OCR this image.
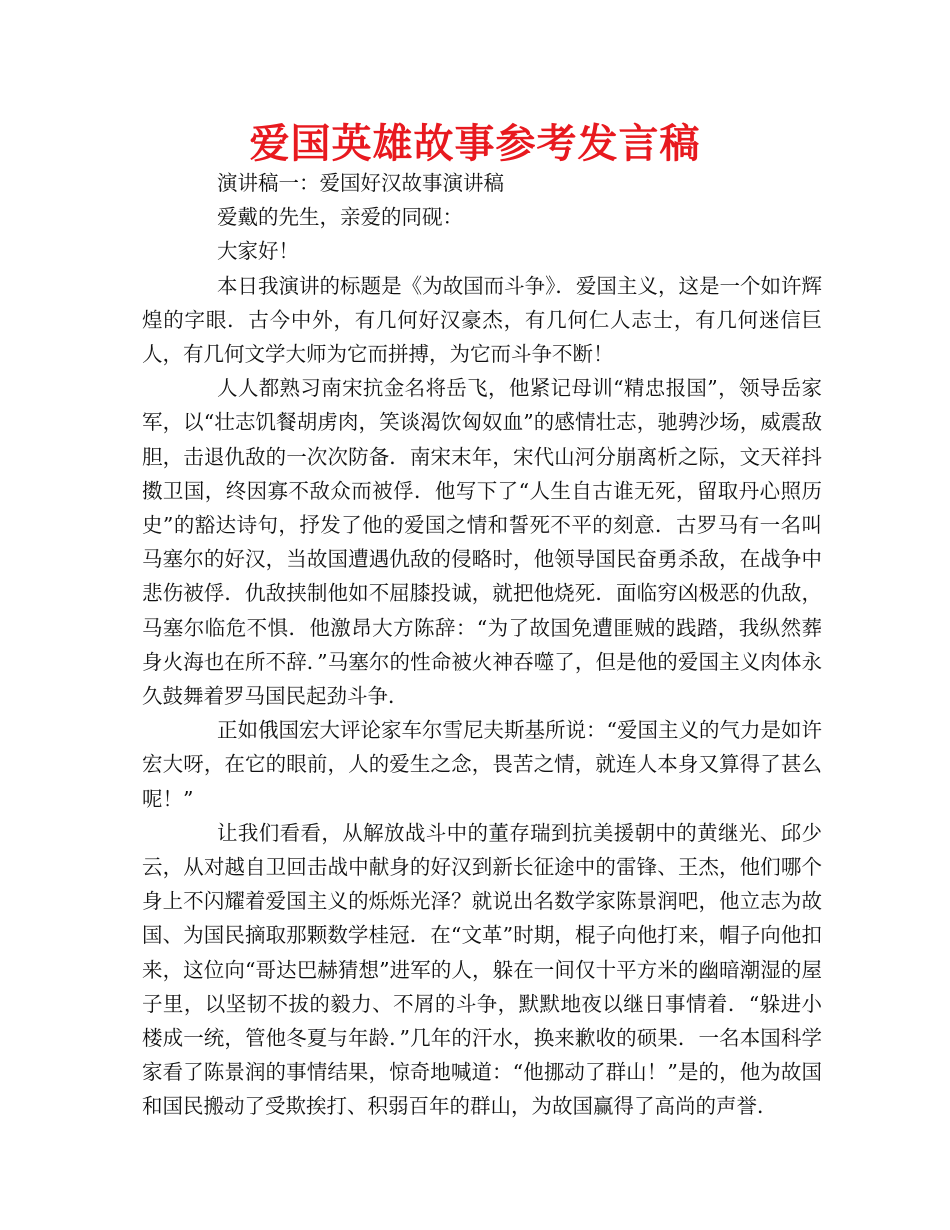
爱国英雄故事参考发言稿

演讲稿一：爱国好汉故事演讲稿

爱戴的先生，亲爱的同砚：

大家好！

本日我演讲的标题是《为故国而斗争》．爱国主义，这是一个如许辉煌的字眼．古今中外，有几何好汉豪杰，有几何仁人志士，有几何迷信巨人，有几何文学大师为它而拼搏，为它而斗争不断！

人人都熟习南宋抗金名将岳飞，他紧记母训“精忠报国”，领导岳家军，以“壮志饥餐胡虏肉，笑谈渴饮匈奴血”的感情壮志，驰骋沙场，威震敌胆，击退仇敌的一次次防备．南宋末年，宋代山河分崩离析之际，文天祥抖擞卫国，终因寡不敌众而被俘．他写下了“人生自古谁无死，留取丹心照历史”的豁达诗句，抒发了他的爱国之情和誓死不平的刻意．古罗马有一名叫马塞尔的好汉，当故国遭遇仇敌的侵略时，他领导国民奋勇杀敌，在战争中悲伤被俘．仇敌挟制他如不屈膝投诚，就把他烧死．面临穷凶极恶的仇敌，马塞尔临危不惧．他激昂大方陈辞：“为了故国免遭匪贼的践踏，我纵然葬身火海也在所不辞．”马塞尔的性命被火神吞噬了，但是他的爱国主义肉体永久鼓舞着罗马国民起劲斗争．

正如俄国宏大评论家车尔雪尼夫斯基所说：“爱国主义的气力是如许宏大呀，在它的眼前，人的爱生之念，畏苦之情，就连人本身又算得了甚么呢！”

让我们看看，从解放战斗中的董存瑞到抗美援朝中的黄继光、邱少云，从对越自卫回击战中献身的好汉到新长征途中的雷锋、王杰，他们哪个身上不闪耀着爱国主义的烁烁光泽？就说出名数学家陈景润吧，他立志为故国、为国民摘取那颗数学桂冠．在“文革”时期，棍子向他打来，帽子向他扣来，这位向“哥达巴赫猜想”进军的人，躲在一间仅十平方米的幽暗潮湿的屋子里，以坚韧不拔的毅力、不屑的斗争，默默地夜以继日事情着．“躲进小楼成一统，管他冬夏与年龄．”几年的汗水，换来歉收的硕果．一名本国科学家看了陈景润的事情结果，惊奇地喊道：“他挪动了群山！”是的，他为故国和国民搬动了受欺挨打、积弱百年的群山，为故国赢得了高尚的声誉．
